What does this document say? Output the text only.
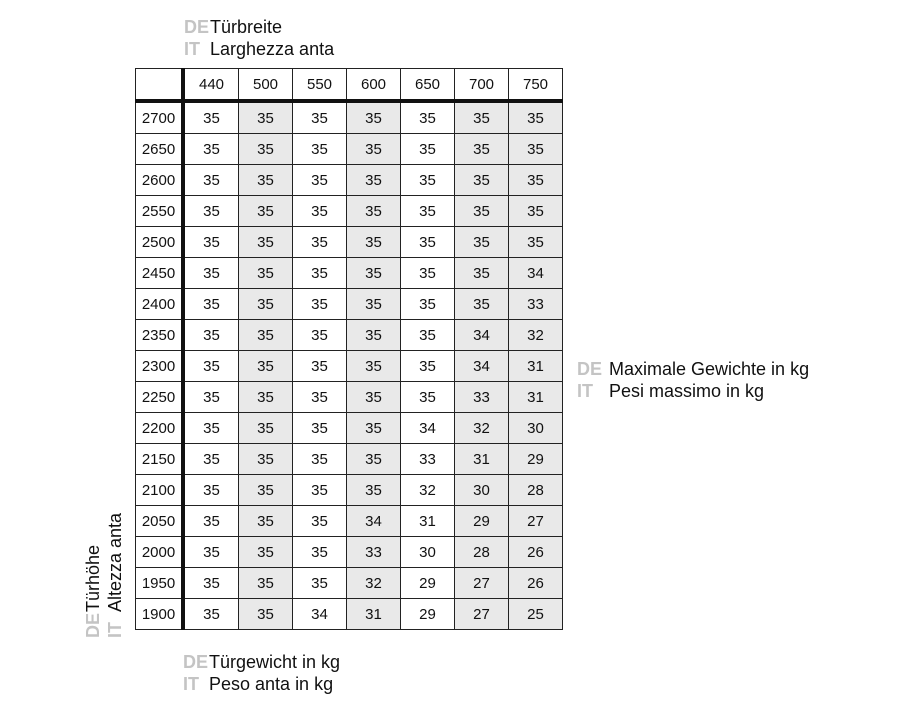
DETürbreite
IT Larghezza anta
DETürhöhe
ITAltezza anta
	440	500	550	600	650	700	750
2700	35	35	35	35	35	35	35
2650	35	35	35	35	35	35	35
2600	35	35	35	35	35	35	35
2550	35	35	35	35	35	35	35
2500	35	35	35	35	35	35	35
2450	35	35	35	35	35	35	34
2400	35	35	35	35	35	35	33
2350	35	35	35	35	35	34	32
2300	35	35	35	35	35	34	31
2250	35	35	35	35	35	33	31
2200	35	35	35	35	34	32	30
2150	35	35	35	35	33	31	29
2100	35	35	35	35	32	30	28
2050	35	35	35	34	31	29	27
2000	35	35	35	33	30	28	26
1950	35	35	35	32	29	27	26
1900	35	35	34	31	29	27	25
DE Maximale Gewichte in kg
IT Pesi massimo in kg
DETürgewicht in kg
IT Peso anta in kg
